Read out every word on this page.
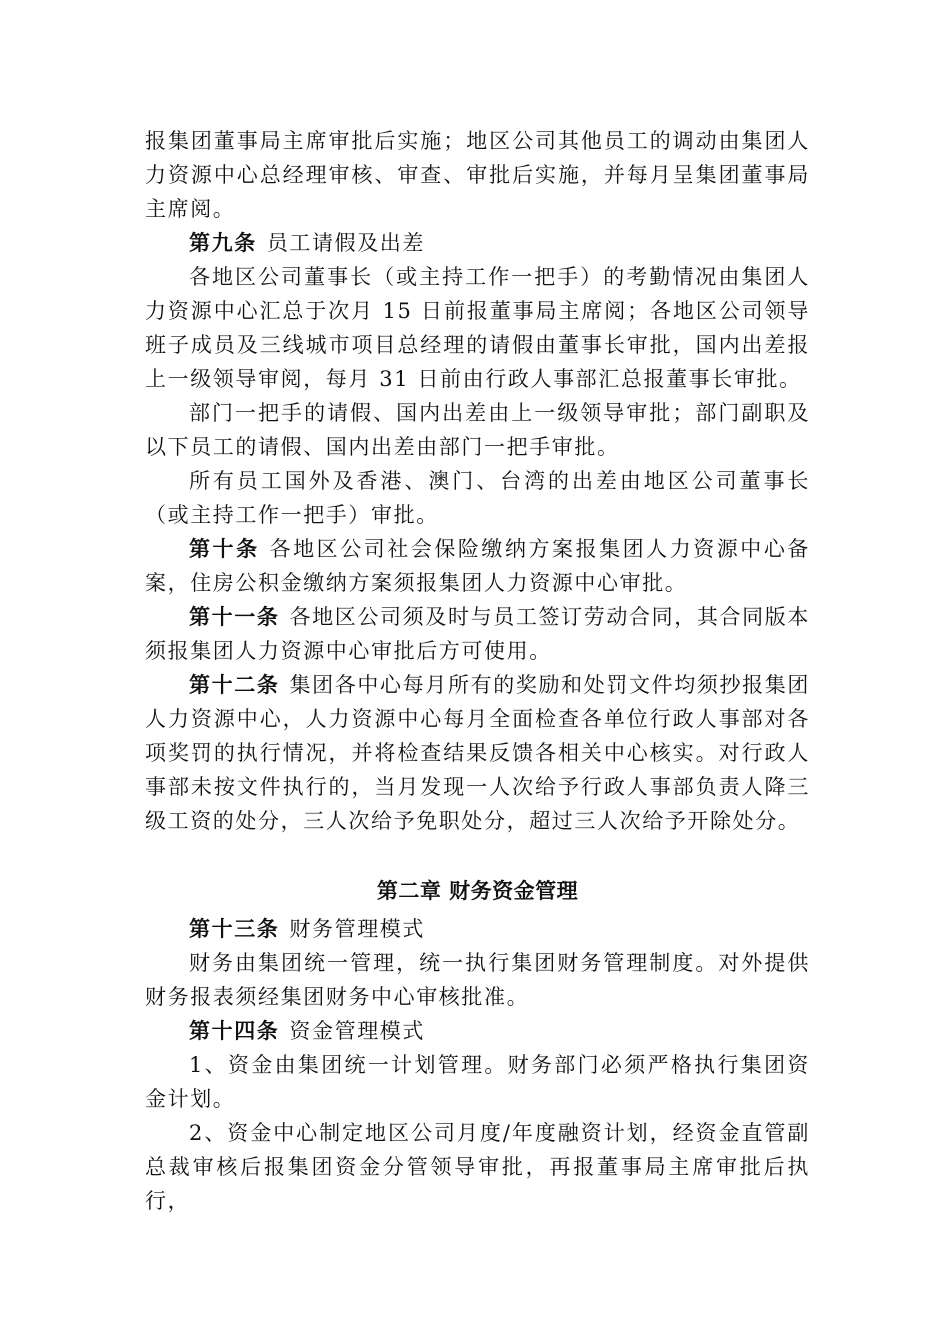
报集团董事局主席审批后实施；地区公司其他员工的调动由集团人力资源中心总经理审核、审查、审批后实施，并每月呈集团董事局主席阅。

第九条 员工请假及出差

各地区公司董事长（或主持工作一把手）的考勤情况由集团人力资源中心汇总于次月 15 日前报董事局主席阅；各地区公司领导班子成员及三线城市项目总经理的请假由董事长审批，国内出差报上一级领导审阅，每月 31 日前由行政人事部汇总报董事长审批。

部门一把手的请假、国内出差由上一级领导审批；部门副职及以下员工的请假、国内出差由部门一把手审批。

所有员工国外及香港、澳门、台湾的出差由地区公司董事长（或主持工作一把手）审批。

第十条 各地区公司社会保险缴纳方案报集团人力资源中心备案，住房公积金缴纳方案须报集团人力资源中心审批。

第十一条 各地区公司须及时与员工签订劳动合同，其合同版本须报集团人力资源中心审批后方可使用。

第十二条 集团各中心每月所有的奖励和处罚文件均须抄报集团人力资源中心，人力资源中心每月全面检查各单位行政人事部对各项奖罚的执行情况，并将检查结果反馈各相关中心核实。对行政人事部未按文件执行的，当月发现一人次给予行政人事部负责人降三级工资的处分，三人次给予免职处分，超过三人次给予开除处分。

第二章 财务资金管理

第十三条 财务管理模式

财务由集团统一管理，统一执行集团财务管理制度。对外提供财务报表须经集团财务中心审核批准。

第十四条 资金管理模式

1、资金由集团统一计划管理。财务部门必须严格执行集团资金计划。

2、资金中心制定地区公司月度/年度融资计划，经资金直管副总裁审核后报集团资金分管领导审批，再报董事局主席审批后执行，
